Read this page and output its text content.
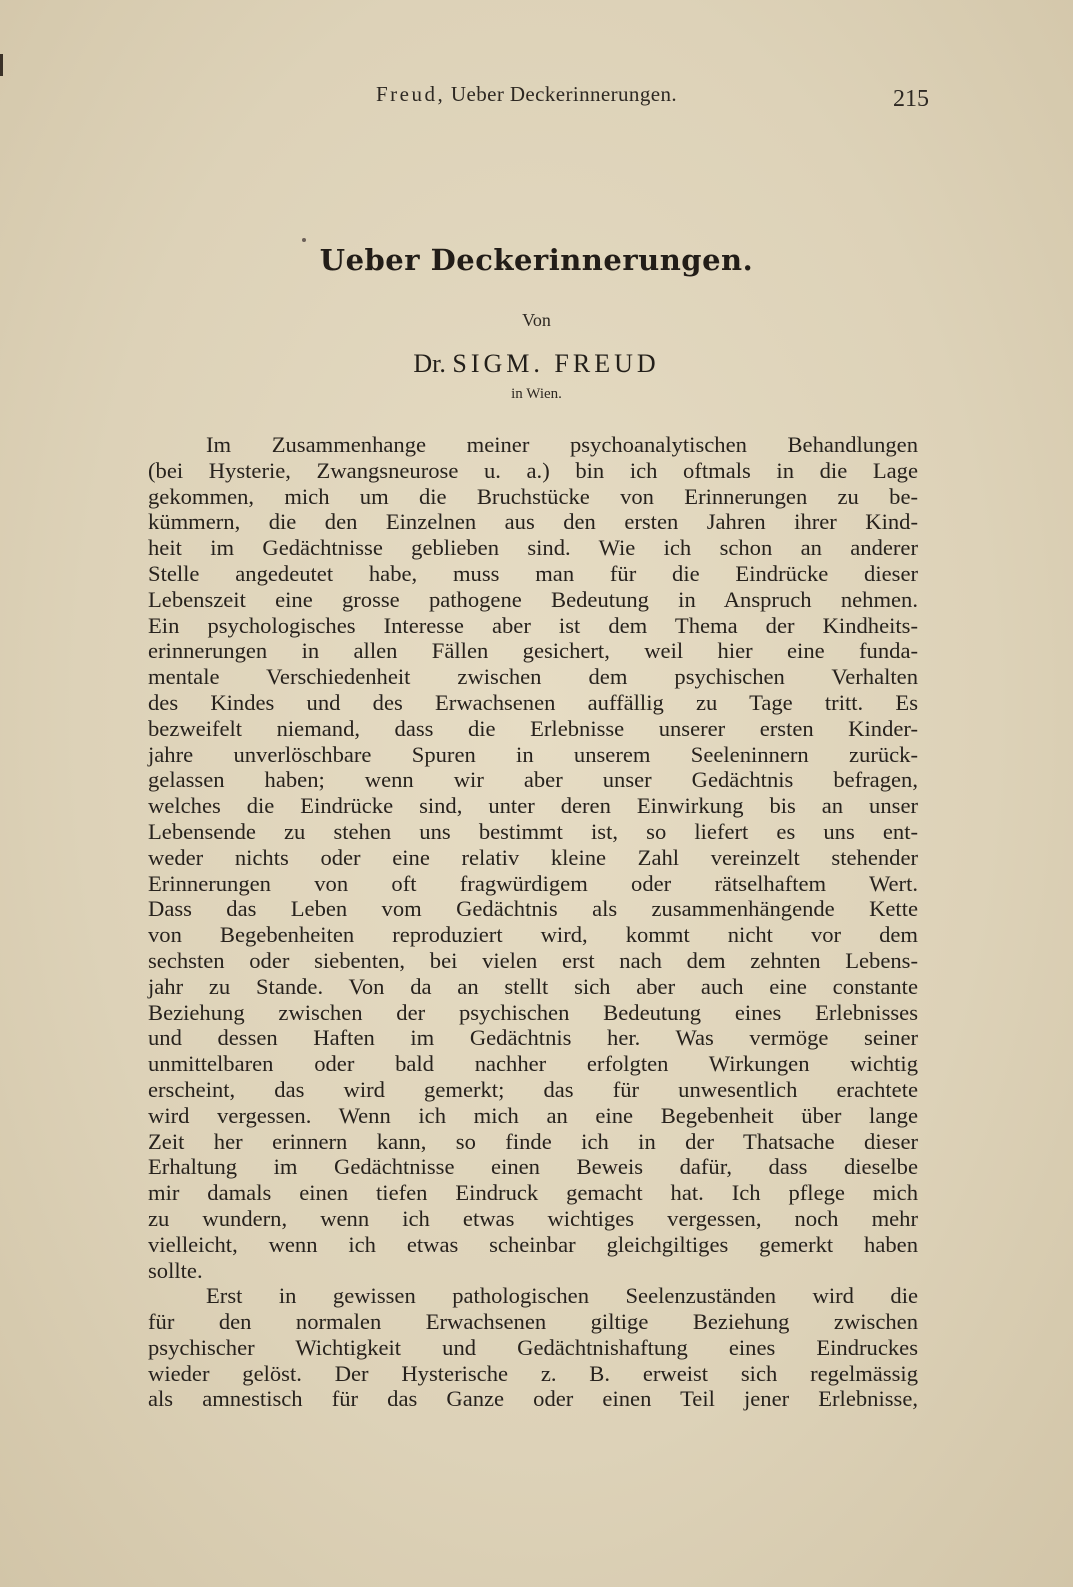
Freud, Ueber Deckerinnerungen.	215
Ueber Deckerinnerungen.
Von
Dr. SIGM. FREUD
in Wien.
Im Zusammenhange meiner psychoanalytischen Behandlungen
(bei Hysterie, Zwangsneurose u. a.) bin ich oftmals in die Lage
gekommen, mich um die Bruchstücke von Erinnerungen zu be-
kümmern, die den Einzelnen aus den ersten Jahren ihrer Kind-
heit im Gedächtnisse geblieben sind. Wie ich schon an anderer
Stelle angedeutet habe, muss man für die Eindrücke dieser
Lebenszeit eine grosse pathogene Bedeutung in Anspruch nehmen.
Ein psychologisches Interesse aber ist dem Thema der Kindheits-
erinnerungen in allen Fällen gesichert, weil hier eine funda-
mentale Verschiedenheit zwischen dem psychischen Verhalten
des Kindes und des Erwachsenen auffällig zu Tage tritt. Es
bezweifelt niemand, dass die Erlebnisse unserer ersten Kinder-
jahre unverlöschbare Spuren in unserem Seeleninnern zurück-
gelassen haben; wenn wir aber unser Gedächtnis befragen,
welches die Eindrücke sind, unter deren Einwirkung bis an unser
Lebensende zu stehen uns bestimmt ist, so liefert es uns ent-
weder nichts oder eine relativ kleine Zahl vereinzelt stehender
Erinnerungen von oft fragwürdigem oder rätselhaftem Wert.
Dass das Leben vom Gedächtnis als zusammenhängende Kette
von Begebenheiten reproduziert wird, kommt nicht vor dem
sechsten oder siebenten, bei vielen erst nach dem zehnten Lebens-
jahr zu Stande. Von da an stellt sich aber auch eine constante
Beziehung zwischen der psychischen Bedeutung eines Erlebnisses
und dessen Haften im Gedächtnis her. Was vermöge seiner
unmittelbaren oder bald nachher erfolgten Wirkungen wichtig
erscheint, das wird gemerkt; das für unwesentlich erachtete
wird vergessen. Wenn ich mich an eine Begebenheit über lange
Zeit her erinnern kann, so finde ich in der Thatsache dieser
Erhaltung im Gedächtnisse einen Beweis dafür, dass dieselbe
mir damals einen tiefen Eindruck gemacht hat. Ich pflege mich
zu wundern, wenn ich etwas wichtiges vergessen, noch mehr
vielleicht, wenn ich etwas scheinbar gleichgiltiges gemerkt haben
sollte.
Erst in gewissen pathologischen Seelenzuständen wird die
für den normalen Erwachsenen giltige Beziehung zwischen
psychischer Wichtigkeit und Gedächtnishaftung eines Eindruckes
wieder gelöst. Der Hysterische z. B. erweist sich regelmässig
als amnestisch für das Ganze oder einen Teil jener Erlebnisse,
